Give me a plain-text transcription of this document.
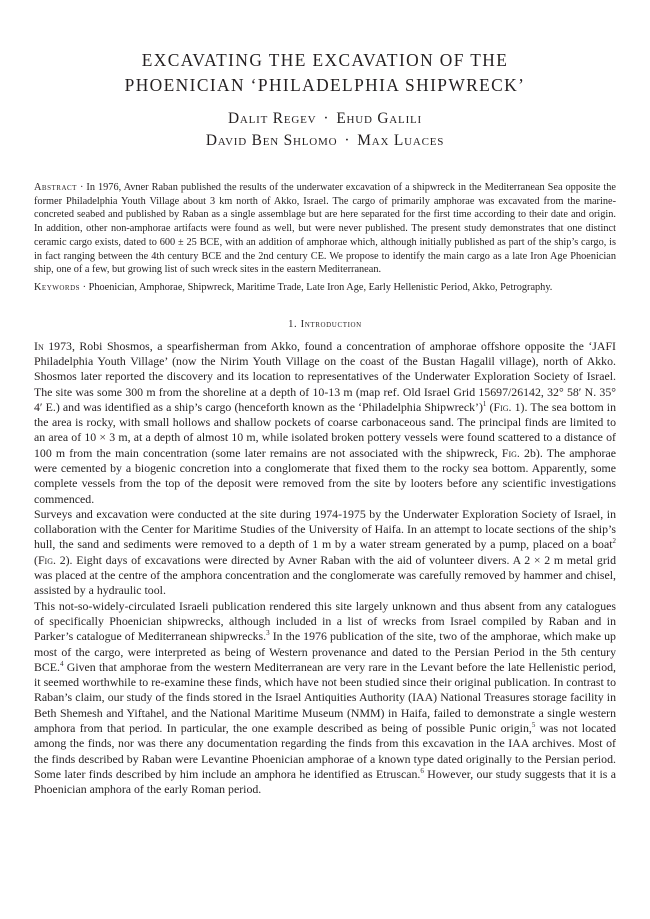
EXCAVATING THE EXCAVATION OF THE
PHOENICIAN ‘PHILADELPHIA SHIPWRECK’
Dalit Regev · Ehud Galili
David Ben Shlomo · Max Luaces
Abstract · In 1976, Avner Raban published the results of the underwater excavation of a shipwreck in the Mediterranean Sea opposite the former Philadelphia Youth Village about 3 km north of Akko, Israel. The cargo of primarily amphorae was excavated from the marine-concreted seabed and published by Raban as a single assemblage but are here separated for the first time according to their date and origin. In addition, other non-amphorae artifacts were found as well, but were never published. The present study demonstrates that one distinct ceramic cargo exists, dated to 600 ± 25 BCE, with an addition of amphorae which, although initially published as part of the ship’s cargo, is in fact ranging between the 4th century BCE and the 2nd century CE. We propose to identify the main cargo as a late Iron Age Phoenician ship, one of a few, but growing list of such wreck sites in the eastern Mediterranean.
Keywords · Phoenician, Amphorae, Shipwreck, Maritime Trade, Late Iron Age, Early Hellenistic Period, Akko, Petrography.
1. Introduction

In 1973, Robi Shosmos, a spearfisherman from Akko, found a concentration of amphorae offshore opposite the ‘JAFI Philadelphia Youth Village’ (now the Nirim Youth Village on the coast of the Bustan Hagalil village), north of Akko. Shosmos later reported the discovery and its location to representatives of the Underwater Exploration Society of Israel. The site was some 300 m from the shoreline at a depth of 10-13 m (map ref. Old Israel Grid 15697/26142, 32° 58′ N. 35° 4′ E.) and was identified as a ship’s cargo (henceforth known as the ‘Philadelphia Shipwreck’)$^1$ (Fig. 1). The sea bottom in the area is rocky, with small hollows and shallow pockets of coarse carbonaceous sand. The principal finds are limited to an area of 10 × 3 m, at a depth of almost 10 m, while isolated broken pottery vessels were found scattered to a distance of 100 m from the main concentration (some later remains are not associated with the shipwreck, Fig. 2b). The amphorae were cemented by a biogenic concretion into a conglomerate that fixed them to the rocky sea bottom. Apparently, some complete vessels from the top of the deposit were removed from the site by looters before any scientific investigations commenced.

Surveys and excavation were conducted at the site during 1974-1975 by the Underwater Exploration Society of Israel, in collaboration with the Center for Maritime Studies of the University of Haifa. In an attempt to locate sections of the ship’s hull, the sand and sediments were removed to a depth of 1 m by a water stream generated by a pump, placed on a boat$^2$ (Fig. 2). Eight days of excavations were directed by Avner Raban with the aid of volunteer divers. A 2 × 2 m metal grid was placed at the centre of the amphora concentration and the conglomerate was carefully removed by hammer and chisel, assisted by a hydraulic tool.

This not-so-widely-circulated Israeli publication rendered this site largely unknown and thus absent from any catalogues of specifically Phoenician shipwrecks, although included in a list of wrecks from Israel compiled by Raban and in Parker’s catalogue of Mediterranean shipwrecks.$^3$ In the 1976 publication of the site, two of the amphorae, which make up most of the cargo, were interpreted as being of Western provenance and dated to the Persian Period in the 5th century BCE.$^4$ Given that amphorae from the western Mediterranean are very rare in the Levant before the late Hellenistic period, it seemed worthwhile to re-examine these finds, which have not been studied since their original publication. In contrast to Raban’s claim, our study of the finds stored in the Israel Antiquities Authority (IAA) National Treasures storage facility in Beth Shemesh and Yiftahel, and the National Maritime Museum (NMM) in Haifa, failed to demonstrate a single western amphora from that period. In particular, the one example described as being of possible Punic origin,$^5$ was not located among the finds, nor was there any documentation regarding the finds from this excavation in the IAA archives. Most of the finds described by Raban were Levantine Phoenician amphorae of a known type dated originally to the Persian period. Some later finds described by him include an amphora he identified as Etruscan.$^6$ However, our study suggests that it is a Phoenician amphora of the early Roman period.
